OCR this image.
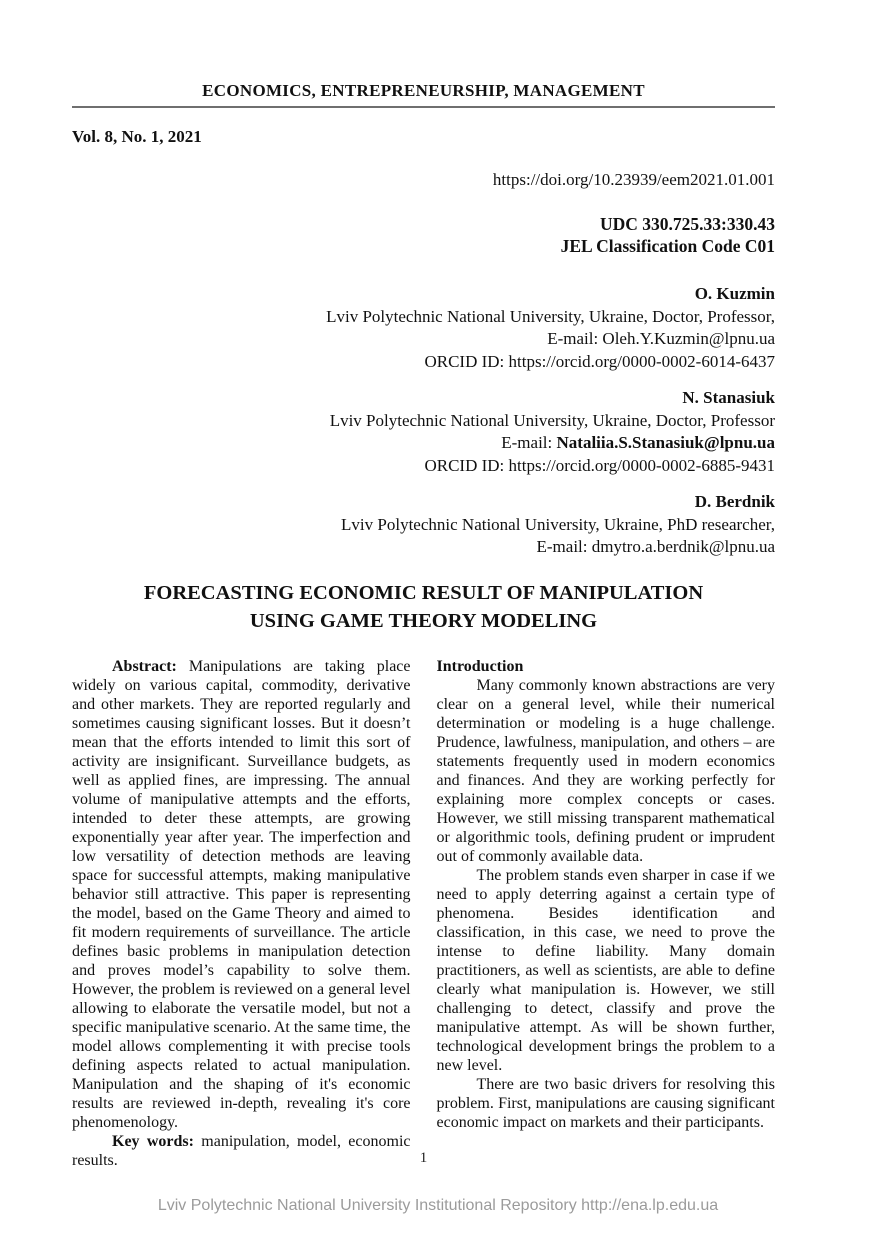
ECONOMICS, ENTREPRENEURSHIP, MANAGEMENT
Vol. 8, No. 1, 2021
https://doi.org/10.23939/eem2021.01.001
UDC 330.725.33:330.43
JEL Classification Code C01
O. Kuzmin
Lviv Polytechnic National University, Ukraine, Doctor, Professor,
E-mail: Oleh.Y.Kuzmin@lpnu.ua
ORCID ID: https://orcid.org/0000-0002-6014-6437
N. Stanasiuk
Lviv Polytechnic National University, Ukraine, Doctor, Professor
E-mail: Nataliia.S.Stanasiuk@lpnu.ua
ORCID ID: https://orcid.org/0000-0002-6885-9431
D. Berdnik
Lviv Polytechnic National University, Ukraine, PhD researcher,
E-mail: dmytro.a.berdnik@lpnu.ua
FORECASTING ECONOMIC RESULT OF MANIPULATION
USING GAME THEORY MODELING

Abstract: Manipulations are taking place widely on various capital, commodity, derivative and other markets. They are reported regularly and sometimes causing significant losses. But it doesn’t mean that the efforts intended to limit this sort of activity are insignificant. Surveillance budgets, as well as applied fines, are impressing. The annual volume of manipulative attempts and the efforts, intended to deter these attempts, are growing exponentially year after year. The imperfection and low versatility of detection methods are leaving space for successful attempts, making manipulative behavior still attractive. This paper is representing the model, based on the Game Theory and aimed to fit modern requirements of surveillance. The article defines basic problems in manipulation detection and proves model’s capability to solve them. However, the problem is reviewed on a general level allowing to elaborate the versatile model, but not a specific manipulative scenario. At the same time, the model allows complementing it with precise tools defining aspects related to actual manipulation. Manipulation and the shaping of it's economic results are reviewed in-depth, revealing it's core phenomenology.

Key words: manipulation, model, economic results.

Introduction

Many commonly known abstractions are very clear on a general level, while their numerical determination or modeling is a huge challenge. Prudence, lawfulness, manipulation, and others – are statements frequently used in modern economics and finances. And they are working perfectly for explaining more complex concepts or cases. However, we still missing transparent mathematical or algorithmic tools, defining prudent or imprudent out of commonly available data.

The problem stands even sharper in case if we need to apply deterring against a certain type of phenomena. Besides identification and classification, in this case, we need to prove the intense to define liability. Many domain practitioners, as well as scientists, are able to define clearly what manipulation is. However, we still challenging to detect, classify and prove the manipulative attempt. As will be shown further, technological development brings the problem to a new level.

There are two basic drivers for resolving this problem. First, manipulations are causing significant economic impact on markets and their participants.

1
Lviv Polytechnic National University Institutional Repository http://ena.lp.edu.ua
